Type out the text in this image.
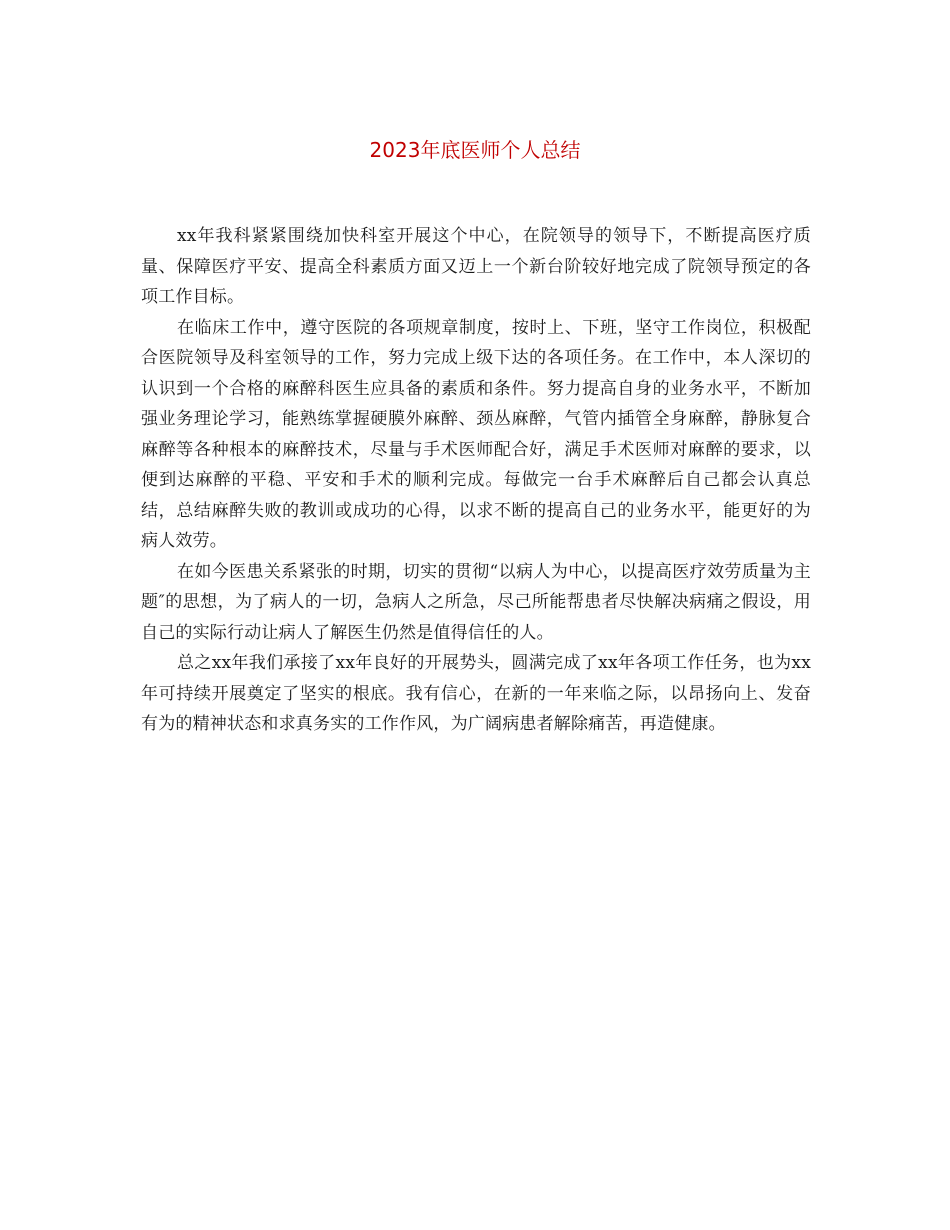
2023年底医师个人总结

xx年我科紧紧围绕加快科室开展这个中心，在院领导的领导下，不断提高医疗质量、保障医疗平安、提高全科素质方面又迈上一个新台阶较好地完成了院领导预定的各项工作目标。

在临床工作中，遵守医院的各项规章制度，按时上、下班，坚守工作岗位，积极配合医院领导及科室领导的工作，努力完成上级下达的各项任务。在工作中，本人深切的认识到一个合格的麻醉科医生应具备的素质和条件。努力提高自身的业务水平，不断加强业务理论学习，能熟练掌握硬膜外麻醉、颈丛麻醉，气管内插管全身麻醉，静脉复合麻醉等各种根本的麻醉技术，尽量与手术医师配合好，满足手术医师对麻醉的要求，以便到达麻醉的平稳、平安和手术的顺利完成。每做完一台手术麻醉后自己都会认真总结，总结麻醉失败的教训或成功的心得，以求不断的提高自己的业务水平，能更好的为病人效劳。

在如今医患关系紧张的时期，切实的贯彻“以病人为中心，以提高医疗效劳质量为主题″的思想，为了病人的一切，急病人之所急，尽己所能帮患者尽快解决病痛之假设，用自己的实际行动让病人了解医生仍然是值得信任的人。

总之xx年我们承接了xx年良好的开展势头，圆满完成了xx年各项工作任务，也为xx年可持续开展奠定了坚实的根底。我有信心，在新的一年来临之际，以昂扬向上、发奋有为的精神状态和求真务实的工作作风，为广阔病患者解除痛苦，再造健康。
